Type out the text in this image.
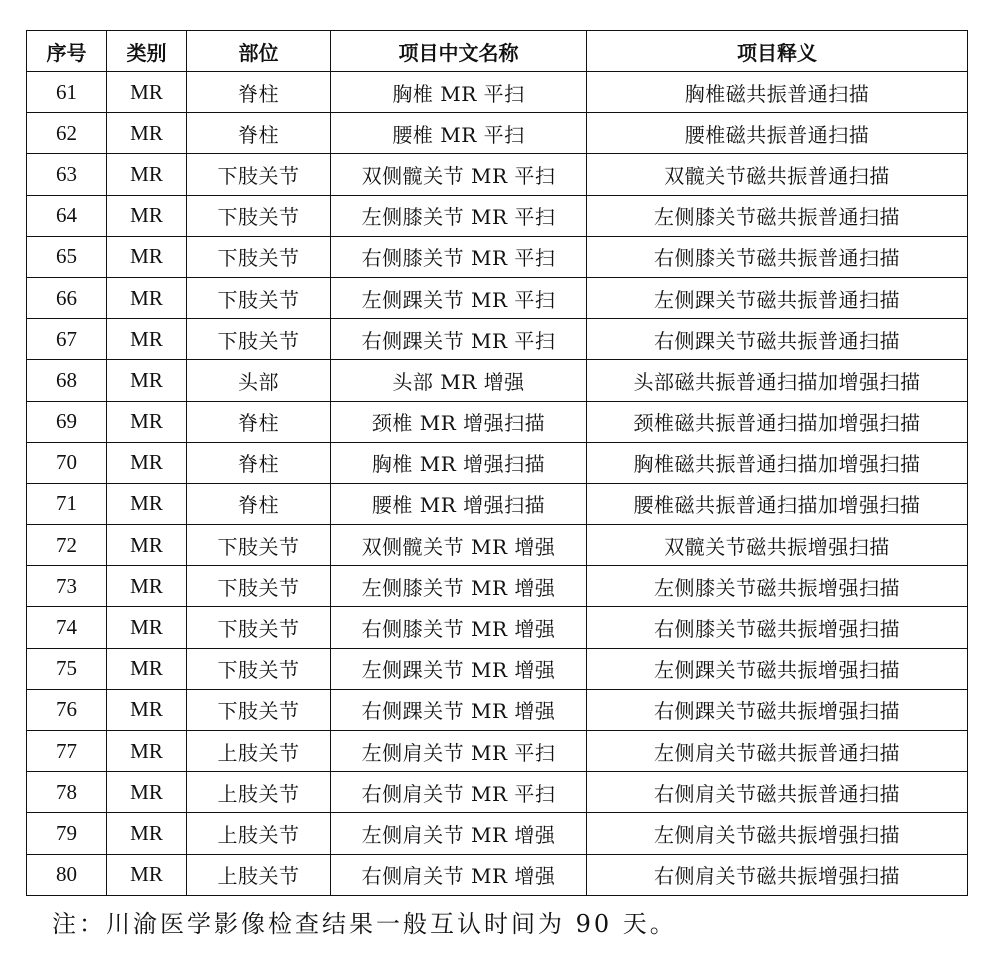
序号	类别	部位	项目中文名称	项目释义
61	MR	脊柱	胸椎 MR 平扫	胸椎磁共振普通扫描
62	MR	脊柱	腰椎 MR 平扫	腰椎磁共振普通扫描
63	MR	下肢关节	双侧髋关节 MR 平扫	双髋关节磁共振普通扫描
64	MR	下肢关节	左侧膝关节 MR 平扫	左侧膝关节磁共振普通扫描
65	MR	下肢关节	右侧膝关节 MR 平扫	右侧膝关节磁共振普通扫描
66	MR	下肢关节	左侧踝关节 MR 平扫	左侧踝关节磁共振普通扫描
67	MR	下肢关节	右侧踝关节 MR 平扫	右侧踝关节磁共振普通扫描
68	MR	头部	头部 MR 增强	头部磁共振普通扫描加增强扫描
69	MR	脊柱	颈椎 MR 增强扫描	颈椎磁共振普通扫描加增强扫描
70	MR	脊柱	胸椎 MR 增强扫描	胸椎磁共振普通扫描加增强扫描
71	MR	脊柱	腰椎 MR 增强扫描	腰椎磁共振普通扫描加增强扫描
72	MR	下肢关节	双侧髋关节 MR 增强	双髋关节磁共振增强扫描
73	MR	下肢关节	左侧膝关节 MR 增强	左侧膝关节磁共振增强扫描
74	MR	下肢关节	右侧膝关节 MR 增强	右侧膝关节磁共振增强扫描
75	MR	下肢关节	左侧踝关节 MR 增强	左侧踝关节磁共振增强扫描
76	MR	下肢关节	右侧踝关节 MR 增强	右侧踝关节磁共振增强扫描
77	MR	上肢关节	左侧肩关节 MR 平扫	左侧肩关节磁共振普通扫描
78	MR	上肢关节	右侧肩关节 MR 平扫	右侧肩关节磁共振普通扫描
79	MR	上肢关节	左侧肩关节 MR 增强	左侧肩关节磁共振增强扫描
80	MR	上肢关节	右侧肩关节 MR 增强	右侧肩关节磁共振增强扫描
注：川渝医学影像检查结果一般互认时间为 90 天。
